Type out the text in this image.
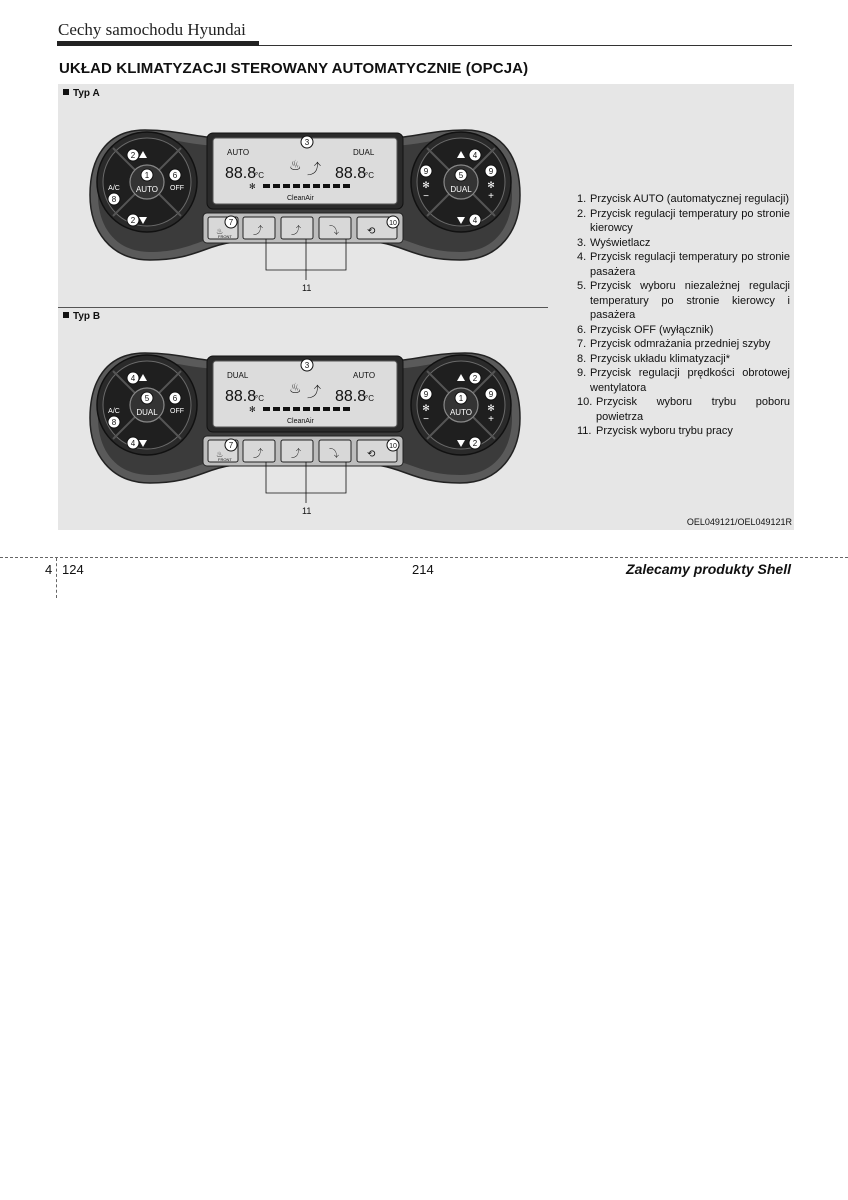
Cechy samochodu Hyundai
UKŁAD KLIMATYZACJI STEROWANY AUTOMATYCZNIE (OPCJA)
Typ A
Typ B
AUTO
1
2
2
6
OFF
A/C
8
DUAL
5
4
4
9
✻
−
9
✻
+
3
AUTO	DUAL
88.8
°C	88.8
°C
♨ ⤴
✻
CleanAir
FRONT
♨	⤴	⤴	⤵	⟲
7	10
11
DUAL
5
4
4
6
OFF
A/C
8
AUTO
1
2
2
9
✻
−
9
✻
+
3
DUAL	AUTO
88.8
°C	88.8
°C
♨ ⤴
✻
CleanAir
FRONT
♨	⤴	⤴	⤵	⟲
7	10
11
1. Przycisk AUTO (automatycznej regulacji)
2. Przycisk regulacji temperatury po stronie kierowcy
3. Wyświetlacz
4. Przycisk regulacji temperatury po stronie pasażera
5. Przycisk wyboru niezależnej regulacji temperatury po stronie kierowcy i pasażera
6. Przycisk OFF (wyłącznik)
7. Przycisk odmrażania przedniej szyby
8. Przycisk układu klimatyzacji*
9. Przycisk regulacji prędkości obrotowej wentylatora
10. Przycisk wyboru trybu poboru powietrza
11. Przycisk wyboru trybu pracy
OEL049121/OEL049121R
4 124	214	Zalecamy produkty Shell
